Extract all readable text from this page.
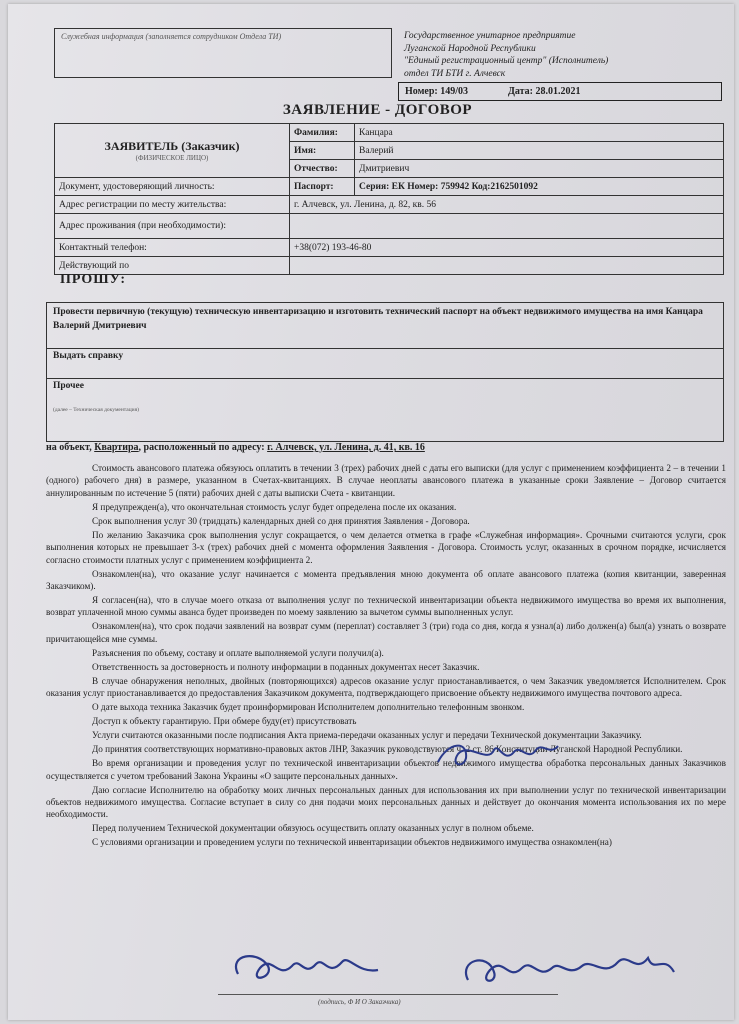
Служебная информация (заполняется сотрудником Отдела ТИ)	Государственное унитарное предприятие
Луганской Народной Республики
"Единый регистрационный центр" (Исполнитель)
отдел ТИ БТИ г. Алчевск
Номер: 149/03	Дата: 28.01.2021
ЗАЯВЛЕНИЕ - ДОГОВОР
ЗАЯВИТЕЛЬ (Заказчик)
(ФИЗИЧЕСКОЕ ЛИЦО)	Фамилия:	Канцара
	Имя:	Валерий
	Отчество:	Дмитриевич
Документ, удостоверяющий личность:	Паспорт:	Серия: ЕК Номер: 759942 Код:2162501092
Адрес регистрации по месту жительства:	г. Алчевск, ул. Ленина, д. 82, кв. 56	
Адрес проживания (при необходимости):		
Контактный телефон:	+38(072) 193-46-80	
Действующий по		
ПРОШУ:
Провести первичную (текущую) техническую инвентаризацию и изготовить технический паспорт на объект недвижимого имущества на имя Канцара Валерий Дмитриевич
Выдать справку
Прочее
(далее – Техническая документация)
на объект, Квартира, расположенный по адресу: г. Алчевск, ул. Ленина, д. 41, кв. 16

Стоимость авансового платежа обязуюсь оплатить в течении 3 (трех) рабочих дней с даты его выписки (для услуг с применением коэффициента 2 – в течении 1 (одного) рабочего дня) в размере, указанном в Счетах-квитанциях. В случае неоплаты авансового платежа в указанные сроки Заявление – Договор считается аннулированным по истечение 5 (пяти) рабочих дней с даты выписки Счета - квитанции.

Я предупрежден(а), что окончательная стоимость услуг будет определена после их оказания.

Срок выполнения услуг 30 (тридцать) календарных дней со дня принятия Заявления - Договора.

По желанию Заказчика срок выполнения услуг сокращается, о чем делается отметка в графе «Служебная информация». Срочными считаются услуги, срок выполнения которых не превышает 3-х (трех) рабочих дней с момента оформления Заявления - Договора. Стоимость услуг, оказанных в срочном порядке, исчисляется согласно стоимости платных услуг с применением коэффициента 2.

Ознакомлен(на), что оказание услуг начинается с момента предъявления мною документа об оплате авансового платежа (копия квитанции, заверенная Заказчиком).

Я согласен(на), что в случае моего отказа от выполнения услуг по технической инвентаризации объекта недвижимого имущества во время их выполнения, возврат уплаченной мною суммы аванса будет произведен по моему заявлению за вычетом суммы выполненных услуг.

Ознакомлен(на), что срок подачи заявлений на возврат сумм (переплат) составляет 3 (три) года со дня, когда я узнал(а) либо должен(а) был(а) узнать о возврате причитающейся мне суммы.

Разъяснения по объему, составу и оплате выполняемой услуги получил(а).

Ответственность за достоверность и полноту информации в поданных документах несет Заказчик.

В случае обнаружения неполных, двойных (повторяющихся) адресов оказание услуг приостанавливается, о чем Заказчик уведомляется Исполнителем. Срок оказания услуг приостанавливается до предоставления Заказчиком документа, подтверждающего присвоение объекту недвижимого имущества почтового адреса.

О дате выхода техника Заказчик будет проинформирован Исполнителем дополнительно телефонным звонком.

Доступ к объекту гарантирую. При обмере буду(ет) присутствовать

Услуги считаются оказанными после подписания Акта приема-передачи оказанных услуг и передачи Технической документации Заказчику.

До принятия соответствующих нормативно-правовых актов ЛНР, Заказчик руководствуются ч. 2 ст. 86 Конституции Луганской Народной Республики.

Во время организации и проведения услуг по технической инвентаризации объектов недвижимого имущества обработка персональных данных Заказчиков осуществляется с учетом требований Закона Украины «О защите персональных данных».

Даю согласие Исполнителю на обработку моих личных персональных данных для использования их при выполнении услуг по технической инвентаризации объектов недвижимого имущества. Согласие вступает в силу со дня подачи моих персональных данных и действует до окончания момента использования их по мере необходимости.

Перед получением Технической документации обязуюсь осуществить оплату оказанных услуг в полном объеме.

С условиями организации и проведением услуги по технической инвентаризации объектов недвижимого имущества ознакомлен(на)

(подпись, Ф И О Заказчика)
